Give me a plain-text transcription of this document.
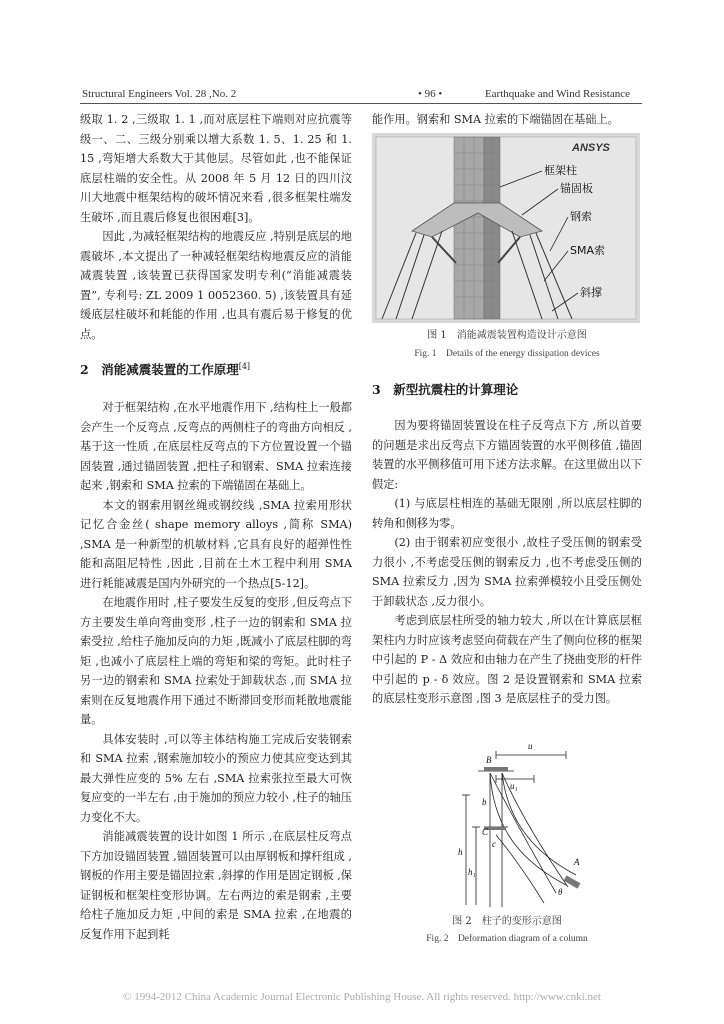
Structural Engineers Vol. 28 ,No. 2	• 96 •	Earthquake and Wind Resistance

级取 1. 2 ,三级取 1. 1 ,而对底层柱下端则对应抗震等级一、二、三级分别乘以增大系数 1. 5、1. 25 和 1. 15 ,弯矩增大系数大于其他层。尽管如此 ,也不能保证底层柱端的安全性。从 2008 年 5 月 12 日的四川汶川大地震中框架结构的破坏情况来看 ,很多框架柱端发生破坏 ,而且震后修复也很困难[3]。

因此 ,为减轻框架结构的地震反应 ,特别是底层的地震破坏 ,本文提出了一种减轻框架结构地震反应的消能减震装置 ,该装置已获得国家发明专利(“消能减震装置”, 专利号: ZL 2009 1 0052360. 5) ,该装置具有延缓底层柱破坏和耗能的作用 ,也具有震后易于修复的优点。

2　消能减震装置的工作原理[4]

对于框架结构 ,在水平地震作用下 ,结构柱上一般都会产生一个反弯点 ,反弯点的两侧柱子的弯曲方向相反 ,基于这一性质 ,在底层柱反弯点的下方位置设置一个锚固装置 ,通过锚固装置 ,把柱子和钢索、SMA 拉索连接起来 ,钢索和 SMA 拉索的下端锚固在基础上。

本文的钢索用钢丝绳或钢绞线 ,SMA 拉索用形状记忆合金丝( shape memory alloys ,简称 SMA) ,SMA 是一种新型的机敏材料 ,它具有良好的超弹性性能和高阻尼特性 ,因此 ,目前在土木工程中利用 SMA 进行耗能减震是国内外研究的一个热点[5-12]。

在地震作用时 ,柱子要发生反复的变形 ,但反弯点下方主要发生单向弯曲变形 ,柱子一边的钢索和 SMA 拉索受拉 ,给柱子施加反向的力矩 ,既减小了底层柱脚的弯矩 ,也减小了底层柱上端的弯矩和梁的弯矩。此时柱子另一边的钢索和 SMA 拉索处于卸载状态 ,而 SMA 拉索则在反复地震作用下通过不断滞回变形而耗散地震能量。

具体安装时 ,可以等主体结构施工完成后安装钢索和 SMA 拉索 ,钢索施加较小的预应力使其应变达到其最大弹性应变的 5% 左右 ,SMA 拉索张拉至最大可恢复应变的一半左右 ,由于施加的预应力较小 ,柱子的轴压力变化不大。

消能减震装置的设计如图 1 所示 ,在底层柱反弯点下方加设锚固装置 ,锚固装置可以由厚钢板和撑杆组成 ,钢板的作用主要是锚固拉索 ,斜撑的作用是固定钢板 ,保证钢板和框架柱变形协调。左右两边的索是钢索 ,主要给柱子施加反力矩 ,中间的索是 SMA 拉索 ,在地震的反复作用下起到耗

能作用。钢索和 SMA 拉索的下端锚固在基础上。

ANSYS
框架柱
锚固板
钢索
SMA索
斜撑
图 1　消能减震装置构造设计示意图
Fig. 1　Details of the energy dissipation devices
3　新型抗震柱的计算理论

因为要将锚固装置设在柱子反弯点下方 ,所以首要的问题是求出反弯点下方锚固装置的水平侧移值 ,锚固装置的水平侧移值可用下述方法求解。在这里做出以下假定:

(1) 与底层柱相连的基础无限刚 ,所以底层柱脚的转角和侧移为零。

(2) 由于钢索初应变很小 ,故柱子受压侧的钢索受力很小 ,不考虑受压侧的钢索反力 ,也不考虑受压侧的 SMA 拉索反力 ,因为 SMA 拉索弹模较小且受压侧处于卸载状态 ,反力很小。

考虑到底层柱所受的轴力较大 ,所以在计算底层框架柱内力时应该考虑竖向荷载在产生了侧向位移的框架中引起的 P - Δ 效应和由轴力在产生了挠曲变形的杆件中引起的 p - δ 效应。图 2 是设置钢索和 SMA 拉索的底层柱变形示意图 ,图 3 是底层柱子的受力图。

u
u₁
B
b
C
c
A
h
h₁
θ
图 2　柱子的变形示意图
Fig. 2　Deformation diagram of a column
© 1994-2012 China Academic Journal Electronic Publishing House. All rights reserved. http://www.cnki.net
